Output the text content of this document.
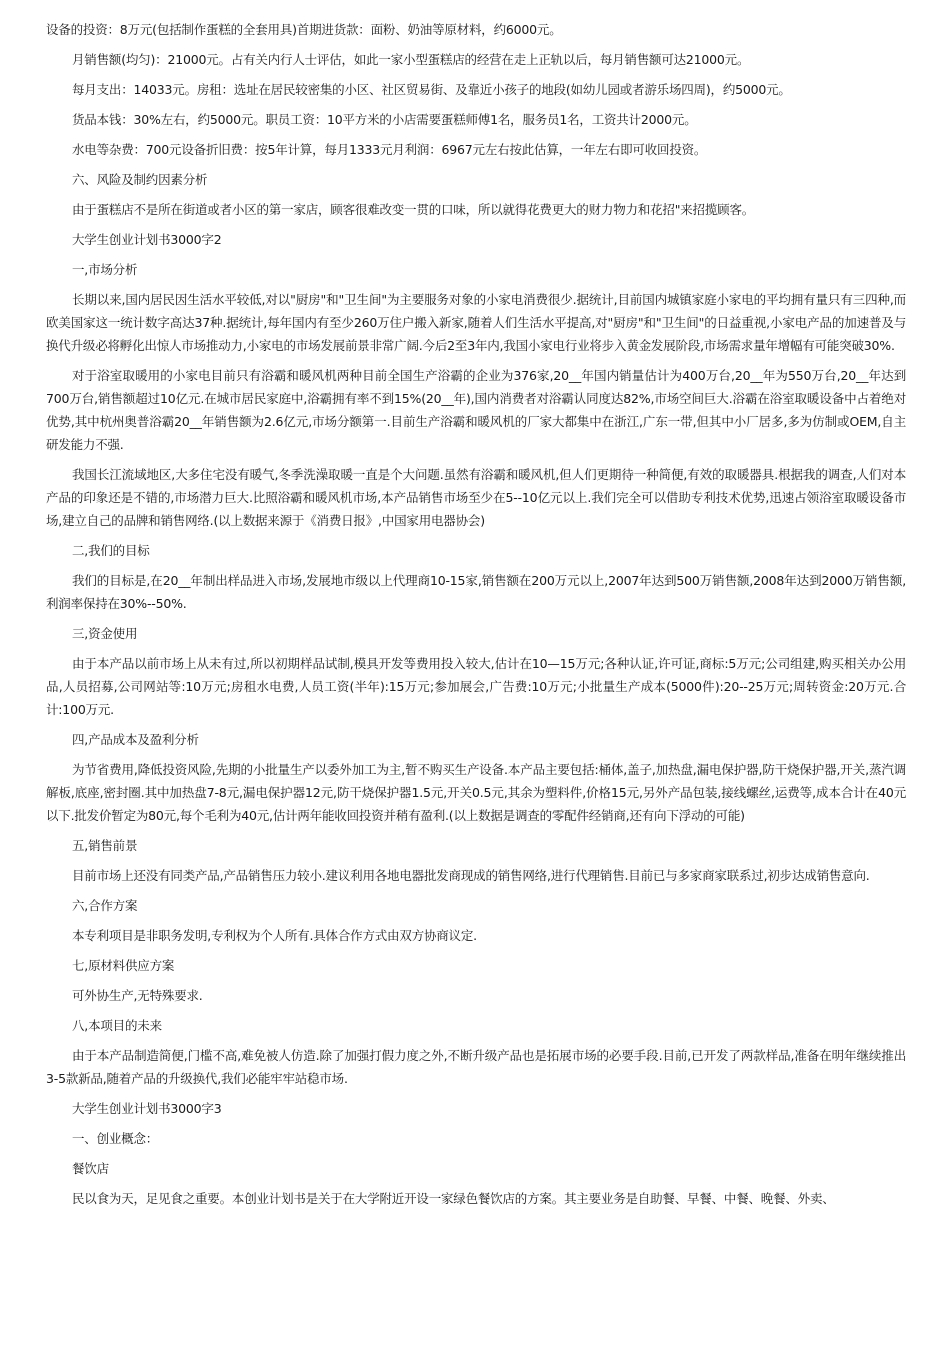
设备的投资：8万元(包括制作蛋糕的全套用具)首期进货款：面粉、奶油等原材料，约6000元。

月销售额(均匀)：21000元。占有关内行人士评估，如此一家小型蛋糕店的经营在走上正轨以后，每月销售额可达21000元。

每月支出：14033元。房租：选址在居民较密集的小区、社区贸易街、及靠近小孩子的地段(如幼儿园或者游乐场四周)，约5000元。

货品本钱：30%左右，约5000元。职员工资：10平方米的小店需要蛋糕师傅1名，服务员1名，工资共计2000元。

水电等杂费：700元设备折旧费：按5年计算，每月1333元月利润：6967元左右按此估算，一年左右即可收回投资。

六、风险及制约因素分析

由于蛋糕店不是所在街道或者小区的第一家店，顾客很难改变一贯的口味，所以就得花费更大的财力物力和花招"来招揽顾客。

大学生创业计划书3000字2

一,市场分析

长期以来,国内居民因生活水平较低,对以"厨房"和"卫生间"为主要服务对象的小家电消费很少.据统计,目前国内城镇家庭小家电的平均拥有量只有三四种,而欧美国家这一统计数字高达37种.据统计,每年国内有至少260万住户搬入新家,随着人们生活水平提高,对"厨房"和"卫生间"的日益重视,小家电产品的加速普及与换代升级必将孵化出惊人市场推动力,小家电的市场发展前景非常广阔.今后2至3年内,我国小家电行业将步入黄金发展阶段,市场需求量年增幅有可能突破30%.

对于浴室取暖用的小家电目前只有浴霸和暖风机两种目前全国生产浴霸的企业为376家,20__年国内销量估计为400万台,20__年为550万台,20__年达到700万台,销售额超过10亿元.在城市居民家庭中,浴霸拥有率不到15%(20__年),国内消费者对浴霸认同度达82%,市场空间巨大.浴霸在浴室取暖设备中占着绝对优势,其中杭州奥普浴霸20__年销售额为2.6亿元,市场分额第一.目前生产浴霸和暖风机的厂家大都集中在浙江,广东一带,但其中小厂居多,多为仿制或OEM,自主研发能力不强.

我国长江流域地区,大多住宅没有暖气,冬季洗澡取暖一直是个大问题.虽然有浴霸和暖风机,但人们更期待一种简便,有效的取暖器具.根据我的调查,人们对本产品的印象还是不错的,市场潜力巨大.比照浴霸和暖风机市场,本产品销售市场至少在5--10亿元以上.我们完全可以借助专利技术优势,迅速占领浴室取暖设备市场,建立自己的品牌和销售网络.(以上数据来源于《消费日报》,中国家用电器协会)

二,我们的目标

我们的目标是,在20__年制出样品进入市场,发展地市级以上代理商10-15家,销售额在200万元以上,2007年达到500万销售额,2008年达到2000万销售额,利润率保持在30%--50%.

三,资金使用

由于本产品以前市场上从未有过,所以初期样品试制,模具开发等费用投入较大,估计在10—15万元;各种认证,许可证,商标:5万元;公司组建,购买相关办公用品,人员招募,公司网站等:10万元;房租水电费,人员工资(半年):15万元;参加展会,广告费:10万元;小批量生产成本(5000件):20--25万元;周转资金:20万元.合计:100万元.

四,产品成本及盈利分析

为节省费用,降低投资风险,先期的小批量生产以委外加工为主,暂不购买生产设备.本产品主要包括:桶体,盖子,加热盘,漏电保护器,防干烧保护器,开关,蒸汽调解板,底座,密封圈.其中加热盘7-8元,漏电保护器12元,防干烧保护器1.5元,开关0.5元,其余为塑料件,价格15元,另外产品包装,接线螺丝,运费等,成本合计在40元以下.批发价暂定为80元,每个毛利为40元,估计两年能收回投资并稍有盈利.(以上数据是调查的零配件经销商,还有向下浮动的可能)

五,销售前景

目前市场上还没有同类产品,产品销售压力较小.建议利用各地电器批发商现成的销售网络,进行代理销售.目前已与多家商家联系过,初步达成销售意向.

六,合作方案

本专利项目是非职务发明,专利权为个人所有.具体合作方式由双方协商议定.

七,原材料供应方案

可外协生产,无特殊要求.

八,本项目的未来

由于本产品制造简便,门槛不高,难免被人仿造.除了加强打假力度之外,不断升级产品也是拓展市场的必要手段.目前,已开发了两款样品,准备在明年继续推出3-5款新品,随着产品的升级换代,我们必能牢牢站稳市场.

大学生创业计划书3000字3

一、创业概念：

餐饮店

民以食为天，足见食之重要。本创业计划书是关于在大学附近开设一家绿色餐饮店的方案。其主要业务是自助餐、早餐、中餐、晚餐、外卖、
